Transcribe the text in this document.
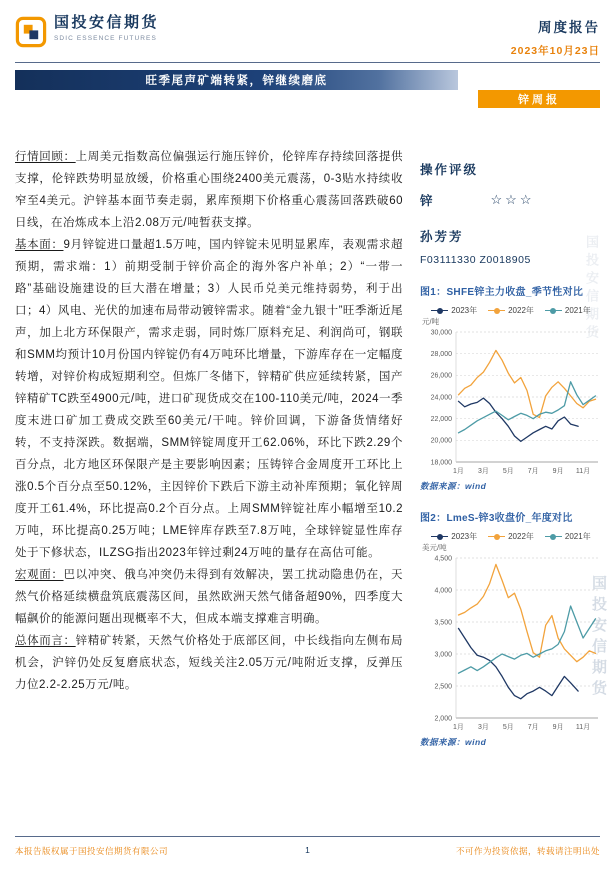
国投安信期货
国投安信期货
国投安信期货
SDIC ESSENCE FUTURES
周度报告
2023年10月23日
旺季尾声矿端转紧，锌继续磨底
锌周报

行情回顾：上周美元指数高位偏强运行施压锌价，伦锌库存持续回落提供支撑，伦锌跌势明显放缓，价格重心围绕2400美元震荡，0-3贴水持续收窄至4美元。沪锌基本面节奏走弱，累库预期下价格重心震荡回落跌破60日线，在冶炼成本上沿2.08万元/吨暂获支撑。

基本面：9月锌锭进口量超1.5万吨，国内锌锭未见明显累库，表观需求超预期，需求端：1）前期受制于锌价高企的海外客户补单；2）“一带一路”基础设施建设的巨大潜在增量；3）人民币兑美元维持弱势，利于出口；4）风电、光伏的加速布局带动镀锌需求。随着“金九银十”旺季渐近尾声，加上北方环保限产，需求走弱，同时炼厂原料充足、利润尚可，钢联和SMM均预计10月份国内锌锭仍有4万吨环比增量，下游库存在一定幅度转增，对锌价构成短期利空。但炼厂冬储下，锌精矿供应延续转紧，国产锌精矿TC跌至4900元/吨，进口矿现货成交在100-110美元/吨，2024一季度末进口矿加工费成交跌至60美元/干吨。锌价回调，下游备货情绪好转，不支持深跌。数据端，SMM锌锭周度开工62.06%，环比下跌2.29个百分点，北方地区环保限产是主要影响因素；压铸锌合金周度开工环比上涨0.5个百分点至50.12%，主因锌价下跌后下游主动补库预期；氧化锌周度开工61.4%，环比提高0.2个百分点。上周SMM锌锭社库小幅增至10.2万吨，环比提高0.25万吨；LME锌库存跌至7.8万吨，全球锌锭显性库存处于下修状态，ILZSG指出2023年锌过剩24万吨的量存在高估可能。

宏观面：巴以冲突、俄乌冲突仍未得到有效解决，罢工扰动隐患仍在，天然气价格延续横盘筑底震荡区间，虽然欧洲天然气储备超90%，四季度大幅飙价的能源问题出现概率不大，但成本端支撑难言明确。

总体而言：锌精矿转紧，天然气价格处于底部区间，中长线指向左侧布局机会，沪锌仍处反复磨底状态，短线关注2.05万元/吨附近支撑，反弹压力位2.2-2.25万元/吨。

操作评级
锌	☆☆☆
孙芳芳
F03111330 Z0018905
图1：SHFE锌主力收盘_季节性对比
2023年	2022年	2021年
元/吨
18,000
20,000
22,000
24,000
26,000
28,000
30,000
1月 3月 5月 7月 9月 11月
数据来源：wind
图2：LmeS-锌3收盘价_年度对比
2023年	2022年	2021年
美元/吨
2,000
2,500
3,000
3,500
4,000
4,500
1月 3月 5月 7月 9月 11月
数据来源：wind
本报告版权属于国投安信期货有限公司	1	不可作为投资依据，转载请注明出处
